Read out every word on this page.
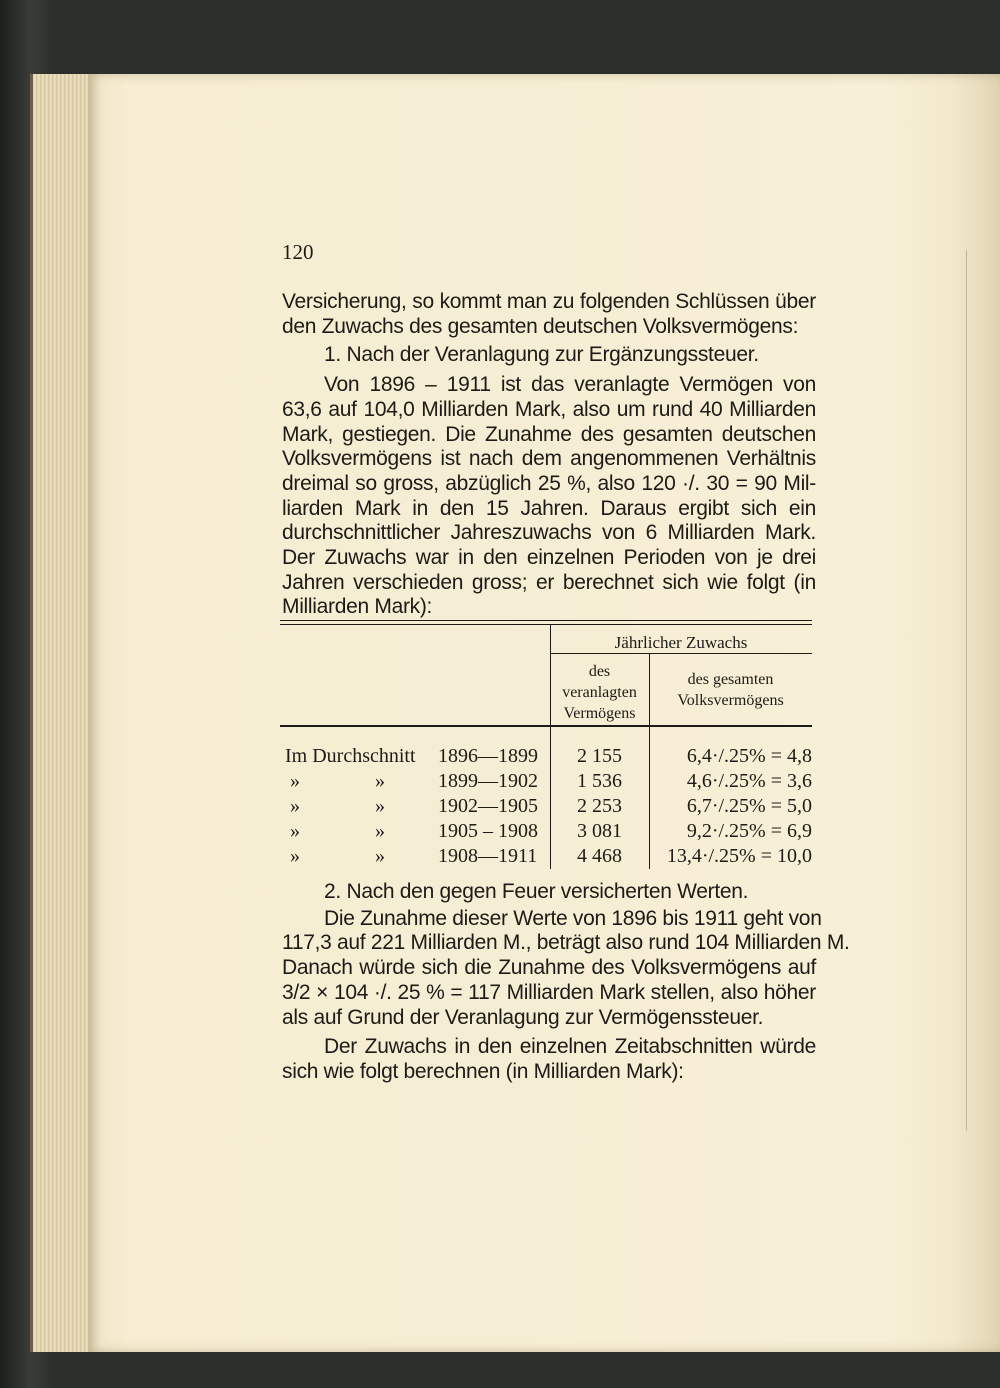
120

Versicherung, so kommt man zu folgenden Schlüssen über
den Zuwachs des gesamten deutschen Volksvermögens:

1. Nach der Veranlagung zur Ergänzungssteuer.

Von 1896 – 1911 ist das veranlagte Vermögen von
63,6 auf 104,0 Milliarden Mark, also um rund 40 Milliarden
Mark, gestiegen. Die Zunahme des gesamten deutschen
Volksvermögens ist nach dem angenommenen Verhältnis
dreimal so gross, abzüglich 25 %, also 120 ·/. 30 = 90 Mil-
liarden Mark in den 15 Jahren. Daraus ergibt sich ein
durchschnittlicher Jahreszuwachs von 6 Milliarden Mark.
Der Zuwachs war in den einzelnen Perioden von je drei
Jahren verschieden gross; er berechnet sich wie folgt (in
Milliarden Mark):

Jährlicher Zuwachs
des
veranlagten
Vermögens
des gesamten
Volksvermögens
Im Durchschnitt	1896—1899	2 155	6,4·/.25% = 4,8
»	»	1899—1902	1 536	4,6·/.25% = 3,6
»	»	1902—1905	2 253	6,7·/.25% = 5,0
»	»	1905 – 1908	3 081	9,2·/.25% = 6,9
»	»	1908—1911	4 468	13,4·/.25% = 10,0

2. Nach den gegen Feuer versicherten Werten.

Die Zunahme dieser Werte von 1896 bis 1911 geht von
117,3 auf 221 Milliarden M., beträgt also rund 104 Milliarden M.
Danach würde sich die Zunahme des Volksvermögens auf
3/2 × 104 ·/. 25 % = 117 Milliarden Mark stellen, also höher
als auf Grund der Veranlagung zur Vermögenssteuer.

Der Zuwachs in den einzelnen Zeitabschnitten würde
sich wie folgt berechnen (in Milliarden Mark):
